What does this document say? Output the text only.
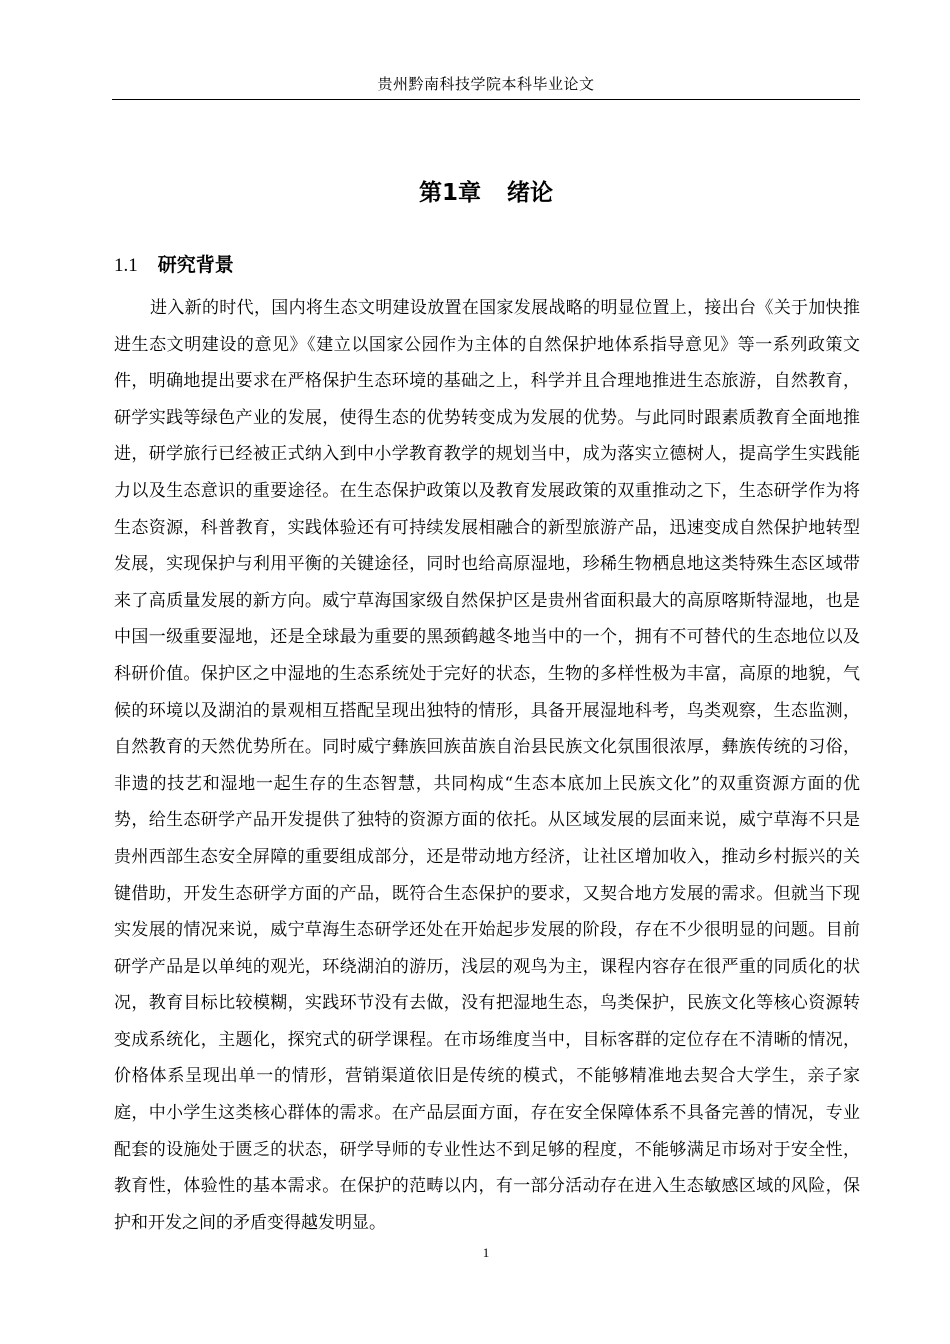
贵州黔南科技学院本科毕业论文
第1章 绪论
1.1 研究背景

进入新的时代，国内将生态文明建设放置在国家发展战略的明显位置上，接出台《关于加快推进生态文明建设的意见》《建立以国家公园作为主体的自然保护地体系指导意见》等一系列政策文件，明确地提出要求在严格保护生态环境的基础之上，科学并且合理地推进生态旅游，自然教育，研学实践等绿色产业的发展，使得生态的优势转变成为发展的优势。与此同时跟素质教育全面地推进，研学旅行已经被正式纳入到中小学教育教学的规划当中，成为落实立德树人，提高学生实践能力以及生态意识的重要途径。在生态保护政策以及教育发展政策的双重推动之下，生态研学作为将生态资源，科普教育，实践体验还有可持续发展相融合的新型旅游产品，迅速变成自然保护地转型发展，实现保护与利用平衡的关键途径，同时也给高原湿地，珍稀生物栖息地这类特殊生态区域带来了高质量发展的新方向。威宁草海国家级自然保护区是贵州省面积最大的高原喀斯特湿地，也是中国一级重要湿地，还是全球最为重要的黑颈鹤越冬地当中的一个，拥有不可替代的生态地位以及科研价值。保护区之中湿地的生态系统处于完好的状态，生物的多样性极为丰富，高原的地貌，气候的环境以及湖泊的景观相互搭配呈现出独特的情形，具备开展湿地科考，鸟类观察，生态监测，自然教育的天然优势所在。同时威宁彝族回族苗族自治县民族文化氛围很浓厚，彝族传统的习俗，非遗的技艺和湿地一起生存的生态智慧，共同构成“生态本底加上民族文化”的双重资源方面的优势，给生态研学产品开发提供了独特的资源方面的依托。从区域发展的层面来说，威宁草海不只是贵州西部生态安全屏障的重要组成部分，还是带动地方经济，让社区增加收入，推动乡村振兴的关键借助，开发生态研学方面的产品，既符合生态保护的要求，又契合地方发展的需求。但就当下现实发展的情况来说，威宁草海生态研学还处在开始起步发展的阶段，存在不少很明显的问题。目前研学产品是以单纯的观光，环绕湖泊的游历，浅层的观鸟为主，课程内容存在很严重的同质化的状况，教育目标比较模糊，实践环节没有去做，没有把湿地生态，鸟类保护，民族文化等核心资源转变成系统化，主题化，探究式的研学课程。在市场维度当中，目标客群的定位存在不清晰的情况，价格体系呈现出单一的情形，营销渠道依旧是传统的模式，不能够精准地去契合大学生，亲子家庭，中小学生这类核心群体的需求。在产品层面方面，存在安全保障体系不具备完善的情况，专业配套的设施处于匮乏的状态，研学导师的专业性达不到足够的程度，不能够满足市场对于安全性，教育性，体验性的基本需求。在保护的范畴以内，有一部分活动存在进入生态敏感区域的风险，保护和开发之间的矛盾变得越发明显。

1
